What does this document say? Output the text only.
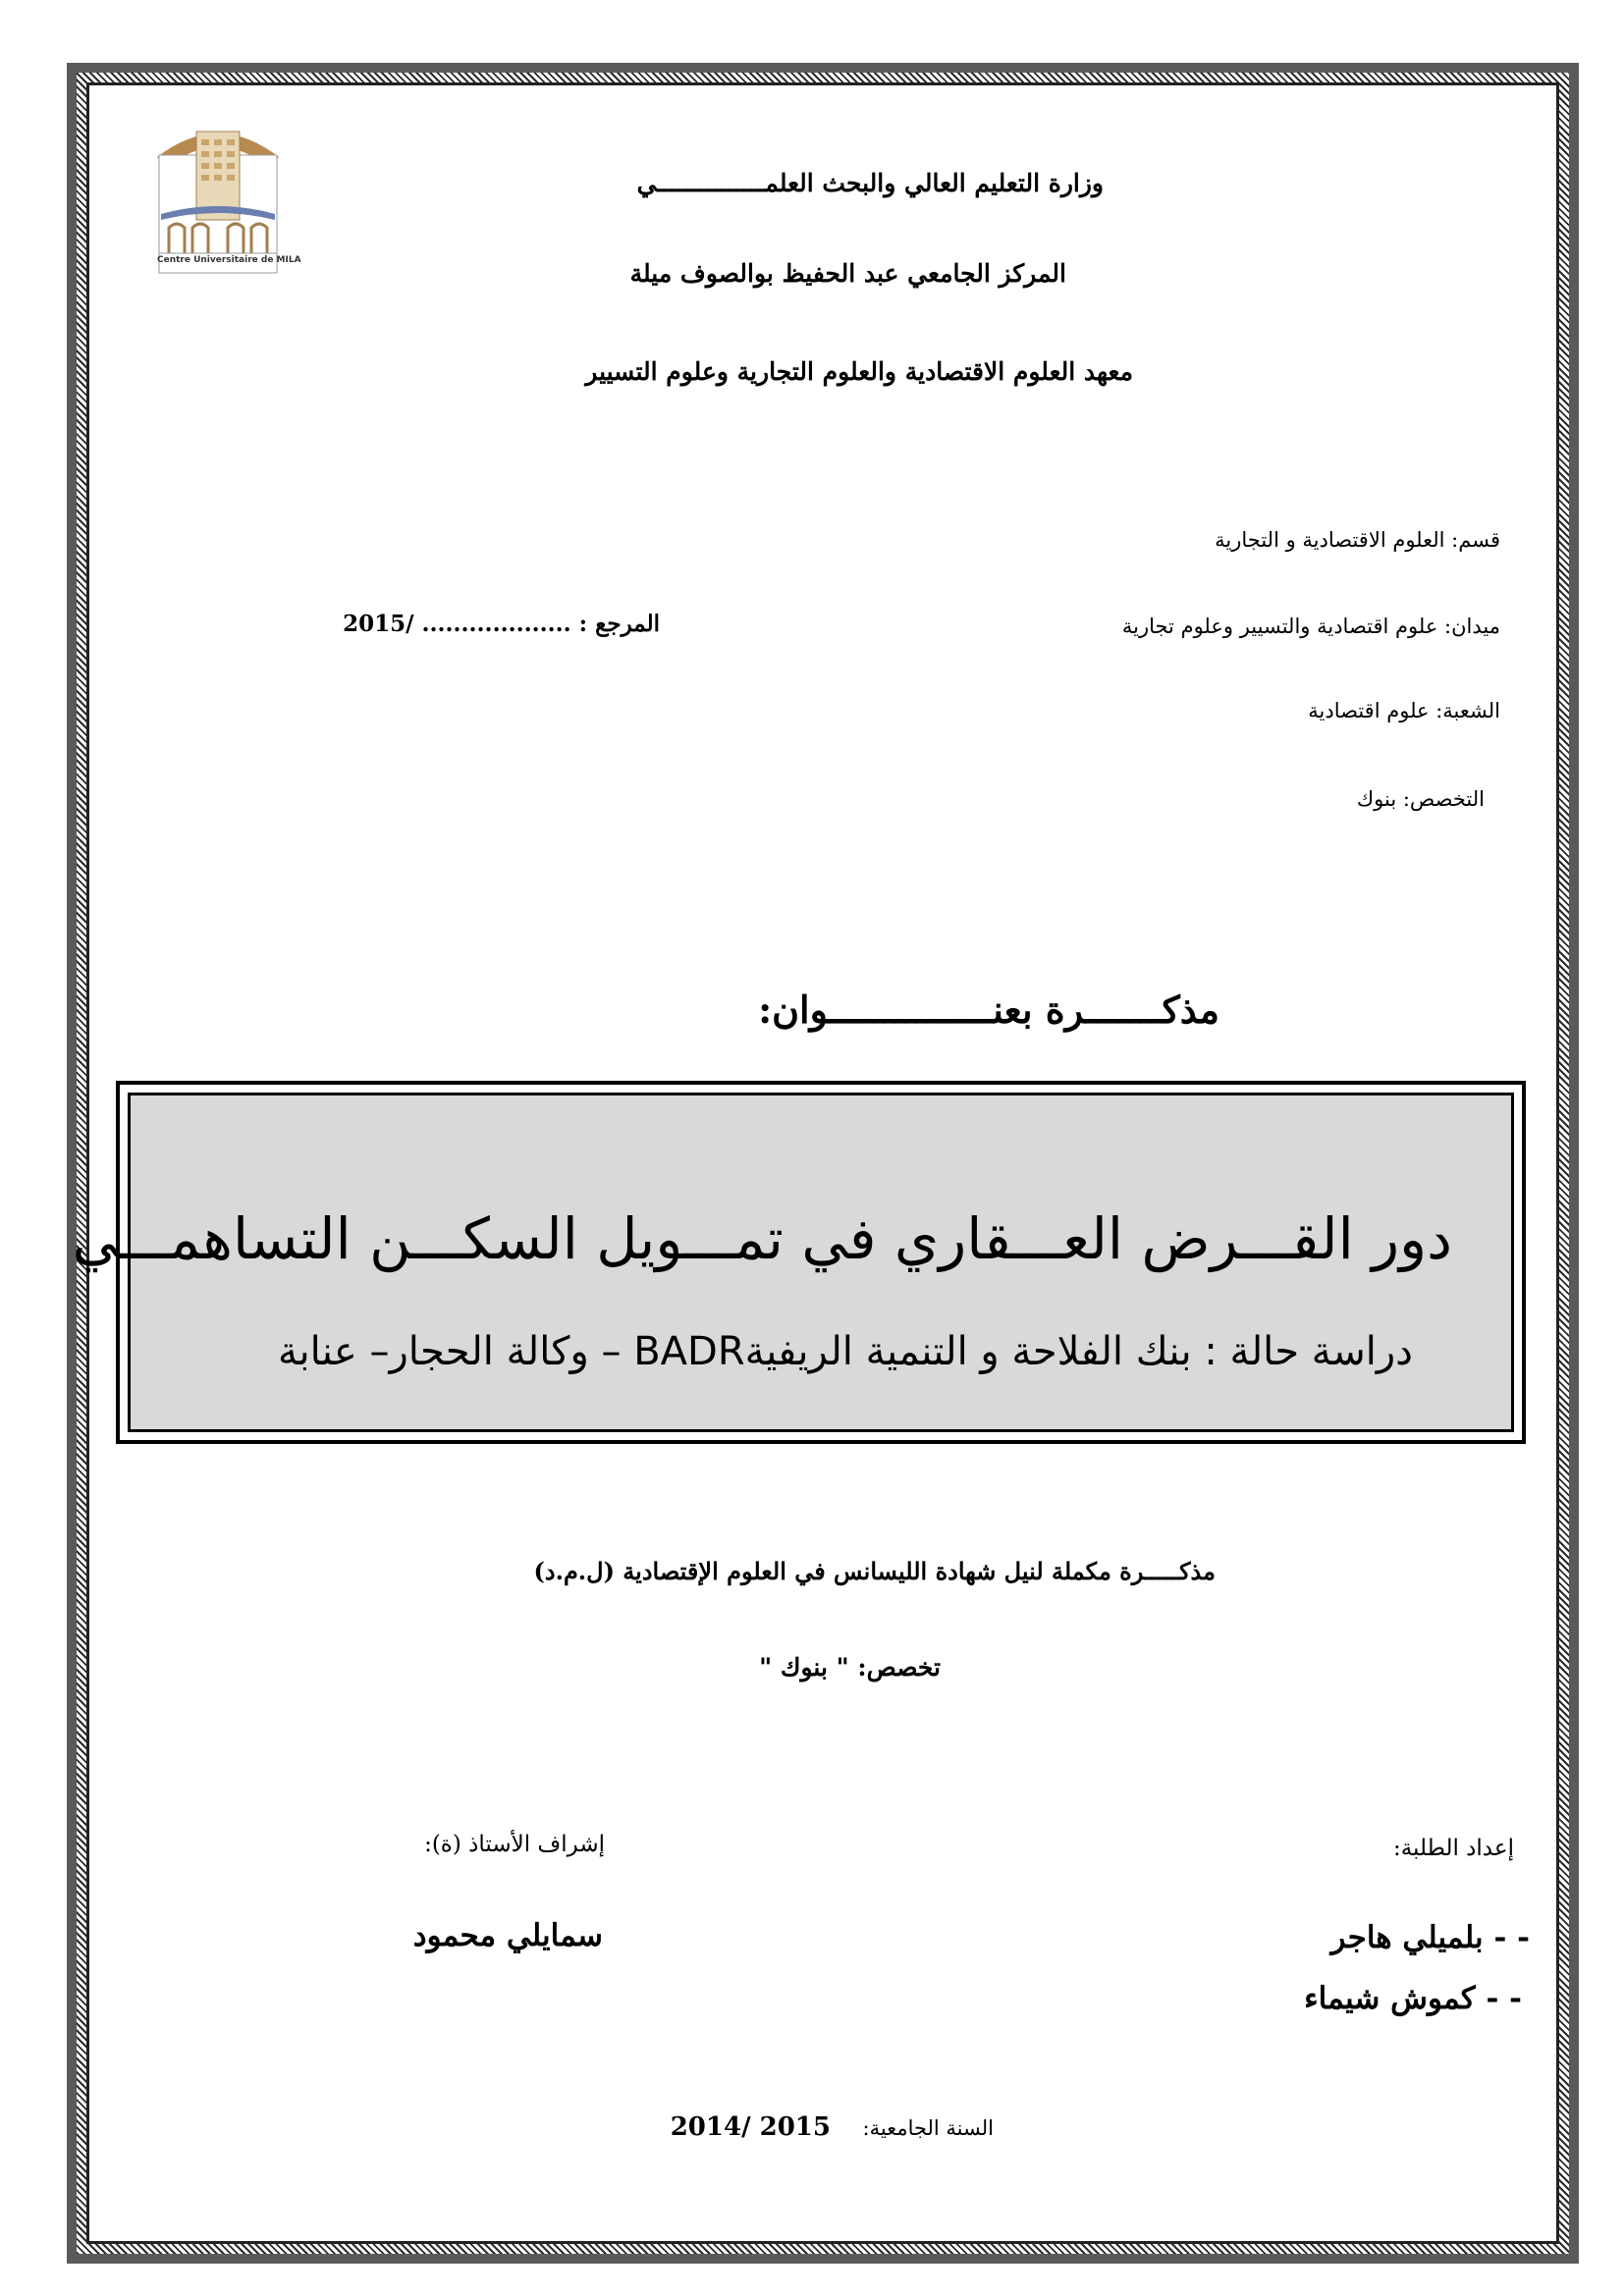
Centre Universitaire de MILA
وزارة التعليم العالي والبحث العلمـــــــــــــــي
المركز الجامعي عبد الحفيظ بوالصوف ميلة
معهد العلوم الاقتصادية والعلوم التجارية وعلوم التسيير
قسم: العلوم الاقتصادية و التجارية
ميدان: علوم اقتصادية والتسيير وعلوم تجارية
المرجع : ................... /2015
الشعبة: علوم اقتصادية
التخصص: بنوك
مذكـــــــرة بعنـــــــــــــــوان:
دور القـــرض العـــقاري في تمـــويل السكـــن التساهمـــي
دراسة حالة : بنك الفلاحة و التنمية الريفيةBADR – وكالة الحجار– عنابة
مذكـــــرة مكملة لنيل شهادة الليسانس في العلوم الإقتصادية (ل.م.د)
تخصص: " بنوك "
إعداد الطلبة:
إشراف الأستاذ (ة):
- - بلميلي هاجر
- - كموش شيماء
سمايلي محمود
السنة الجامعية:
2014/ 2015
